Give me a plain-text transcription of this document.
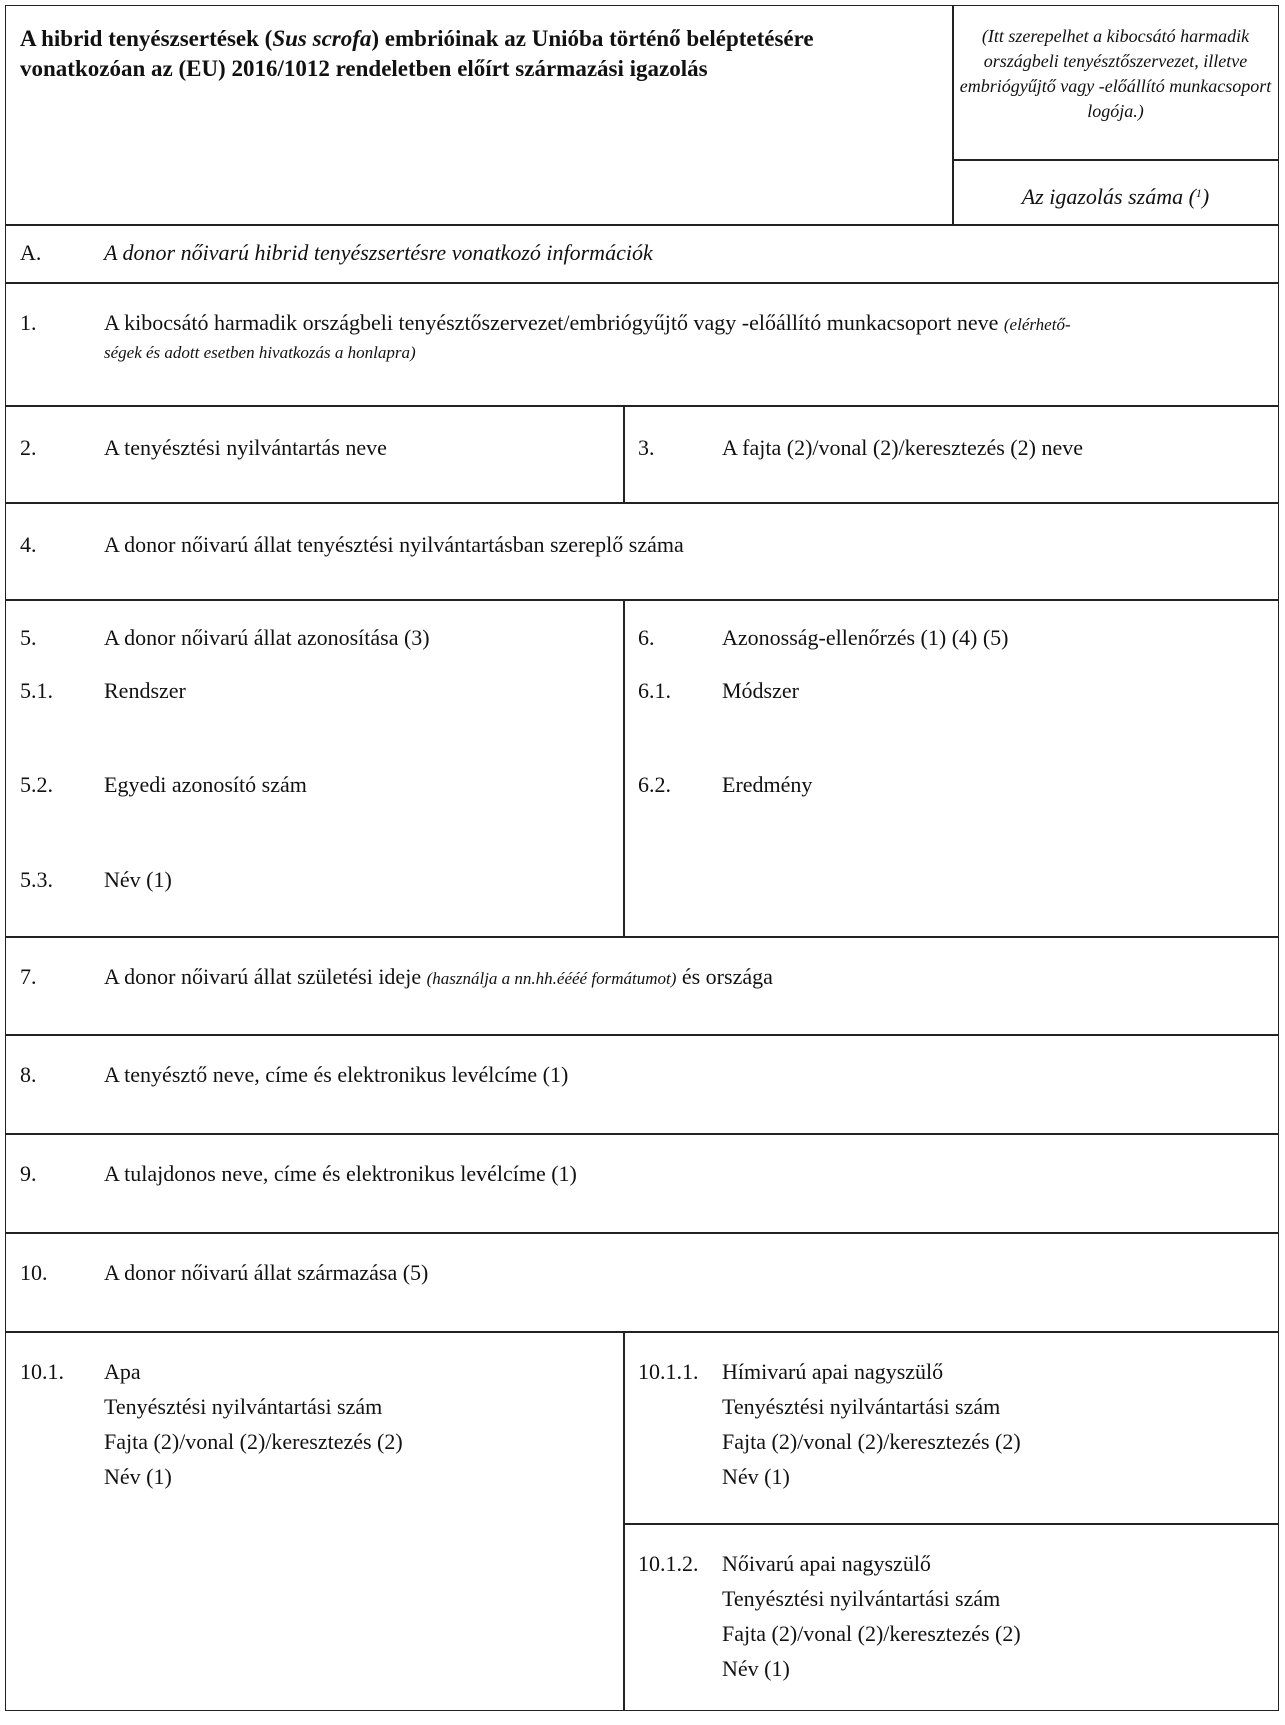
A hibrid tenyészsertések (Sus scrofa) embrióinak az Unióba történő beléptetésére
vonatkozóan az (EU) 2016/1012 rendeletben előírt származási igazolás
(Itt szerepelhet a kibocsátó harmadik országbeli tenyésztőszervezet, illetve embriógyűjtő vagy -előállító munkacsoport logója.)
Az igazolás száma ($^1$)
A.	A donor nőivarú hibrid tenyészsertésre vonatkozó információk
1.	A kibocsátó harmadik országbeli tenyésztőszervezet/embriógyűjtő vagy -előállító munkacsoport neve (elérhető-
ségek és adott esetben hivatkozás a honlapra)
2.	A tenyésztési nyilvántartás neve	3.	A fajta (2)/vonal (2)/keresztezés (2) neve
4.	A donor nőivarú állat tenyésztési nyilvántartásban szereplő száma
5.	A donor nőivarú állat azonosítása (3)
5.1. Rendszer
5.2. Egyedi azonosító szám
5.3. Név (1)
6.	Azonosság-ellenőrzés (1) (4) (5)
6.1. Módszer
6.2. Eredmény
7.	A donor nőivarú állat születési ideje (használja a nn.hh.éééé formátumot) és országa
8.	A tenyésztő neve, címe és elektronikus levélcíme (1)
9.	A tulajdonos neve, címe és elektronikus levélcíme (1)
10.	A donor nőivarú állat származása (5)
10.1. Apa
Tenyésztési nyilvántartási szám
Fajta (2)/vonal (2)/keresztezés (2)
Név (1)
10.1.1. Hímivarú apai nagyszülő
Tenyésztési nyilvántartási szám
Fajta (2)/vonal (2)/keresztezés (2)
Név (1)
10.1.2. Nőivarú apai nagyszülő
Tenyésztési nyilvántartási szám
Fajta (2)/vonal (2)/keresztezés (2)
Név (1)
